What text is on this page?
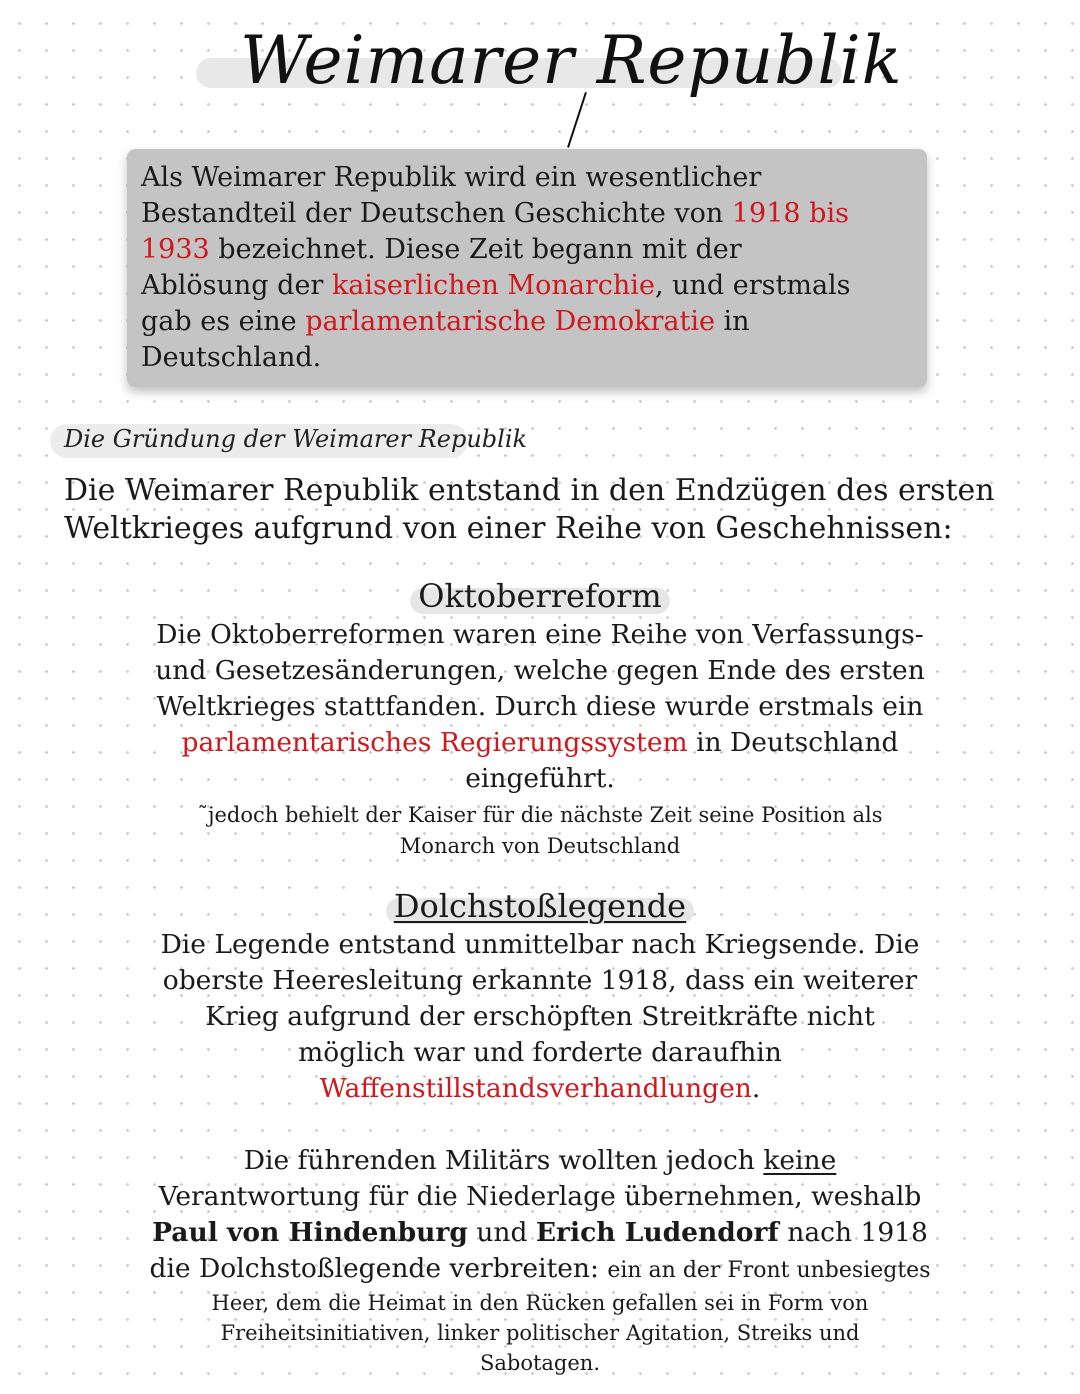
Weimarer Republik
Als Weimarer Republik wird ein wesentlicher
Bestandteil der Deutschen Geschichte von 1918 bis
1933 bezeichnet. Diese Zeit begann mit der
Ablösung der kaiserlichen Monarchie, und erstmals
gab es eine parlamentarische Demokratie in
Deutschland.
Die Gründung der Weimarer Republik
Die Weimarer Republik entstand in den Endzügen des ersten
Weltkrieges aufgrund von einer Reihe von Geschehnissen:
Oktoberreform
Die Oktoberreformen waren eine Reihe von Verfassungs-
und Gesetzesänderungen, welche gegen Ende des ersten
Weltkrieges stattfanden. Durch diese wurde erstmals ein
parlamentarisches Regierungssystem in Deutschland
eingeführt.
˜jedoch behielt der Kaiser für die nächste Zeit seine Position als
Monarch von Deutschland
Dolchstoßlegende
Die Legende entstand unmittelbar nach Kriegsende. Die
oberste Heeresleitung erkannte 1918, dass ein weiterer
Krieg aufgrund der erschöpften Streitkräfte nicht
möglich war und forderte daraufhin
Waffenstillstandsverhandlungen.
Die führenden Militärs wollten jedoch keine
Verantwortung für die Niederlage übernehmen, weshalb
Paul von Hindenburg und Erich Ludendorf nach 1918
die Dolchstoßlegende verbreiten: ein an der Front unbesiegtes
Heer, dem die Heimat in den Rücken gefallen sei in Form von
Freiheitsinitiativen, linker politischer Agitation, Streiks und
Sabotagen.
